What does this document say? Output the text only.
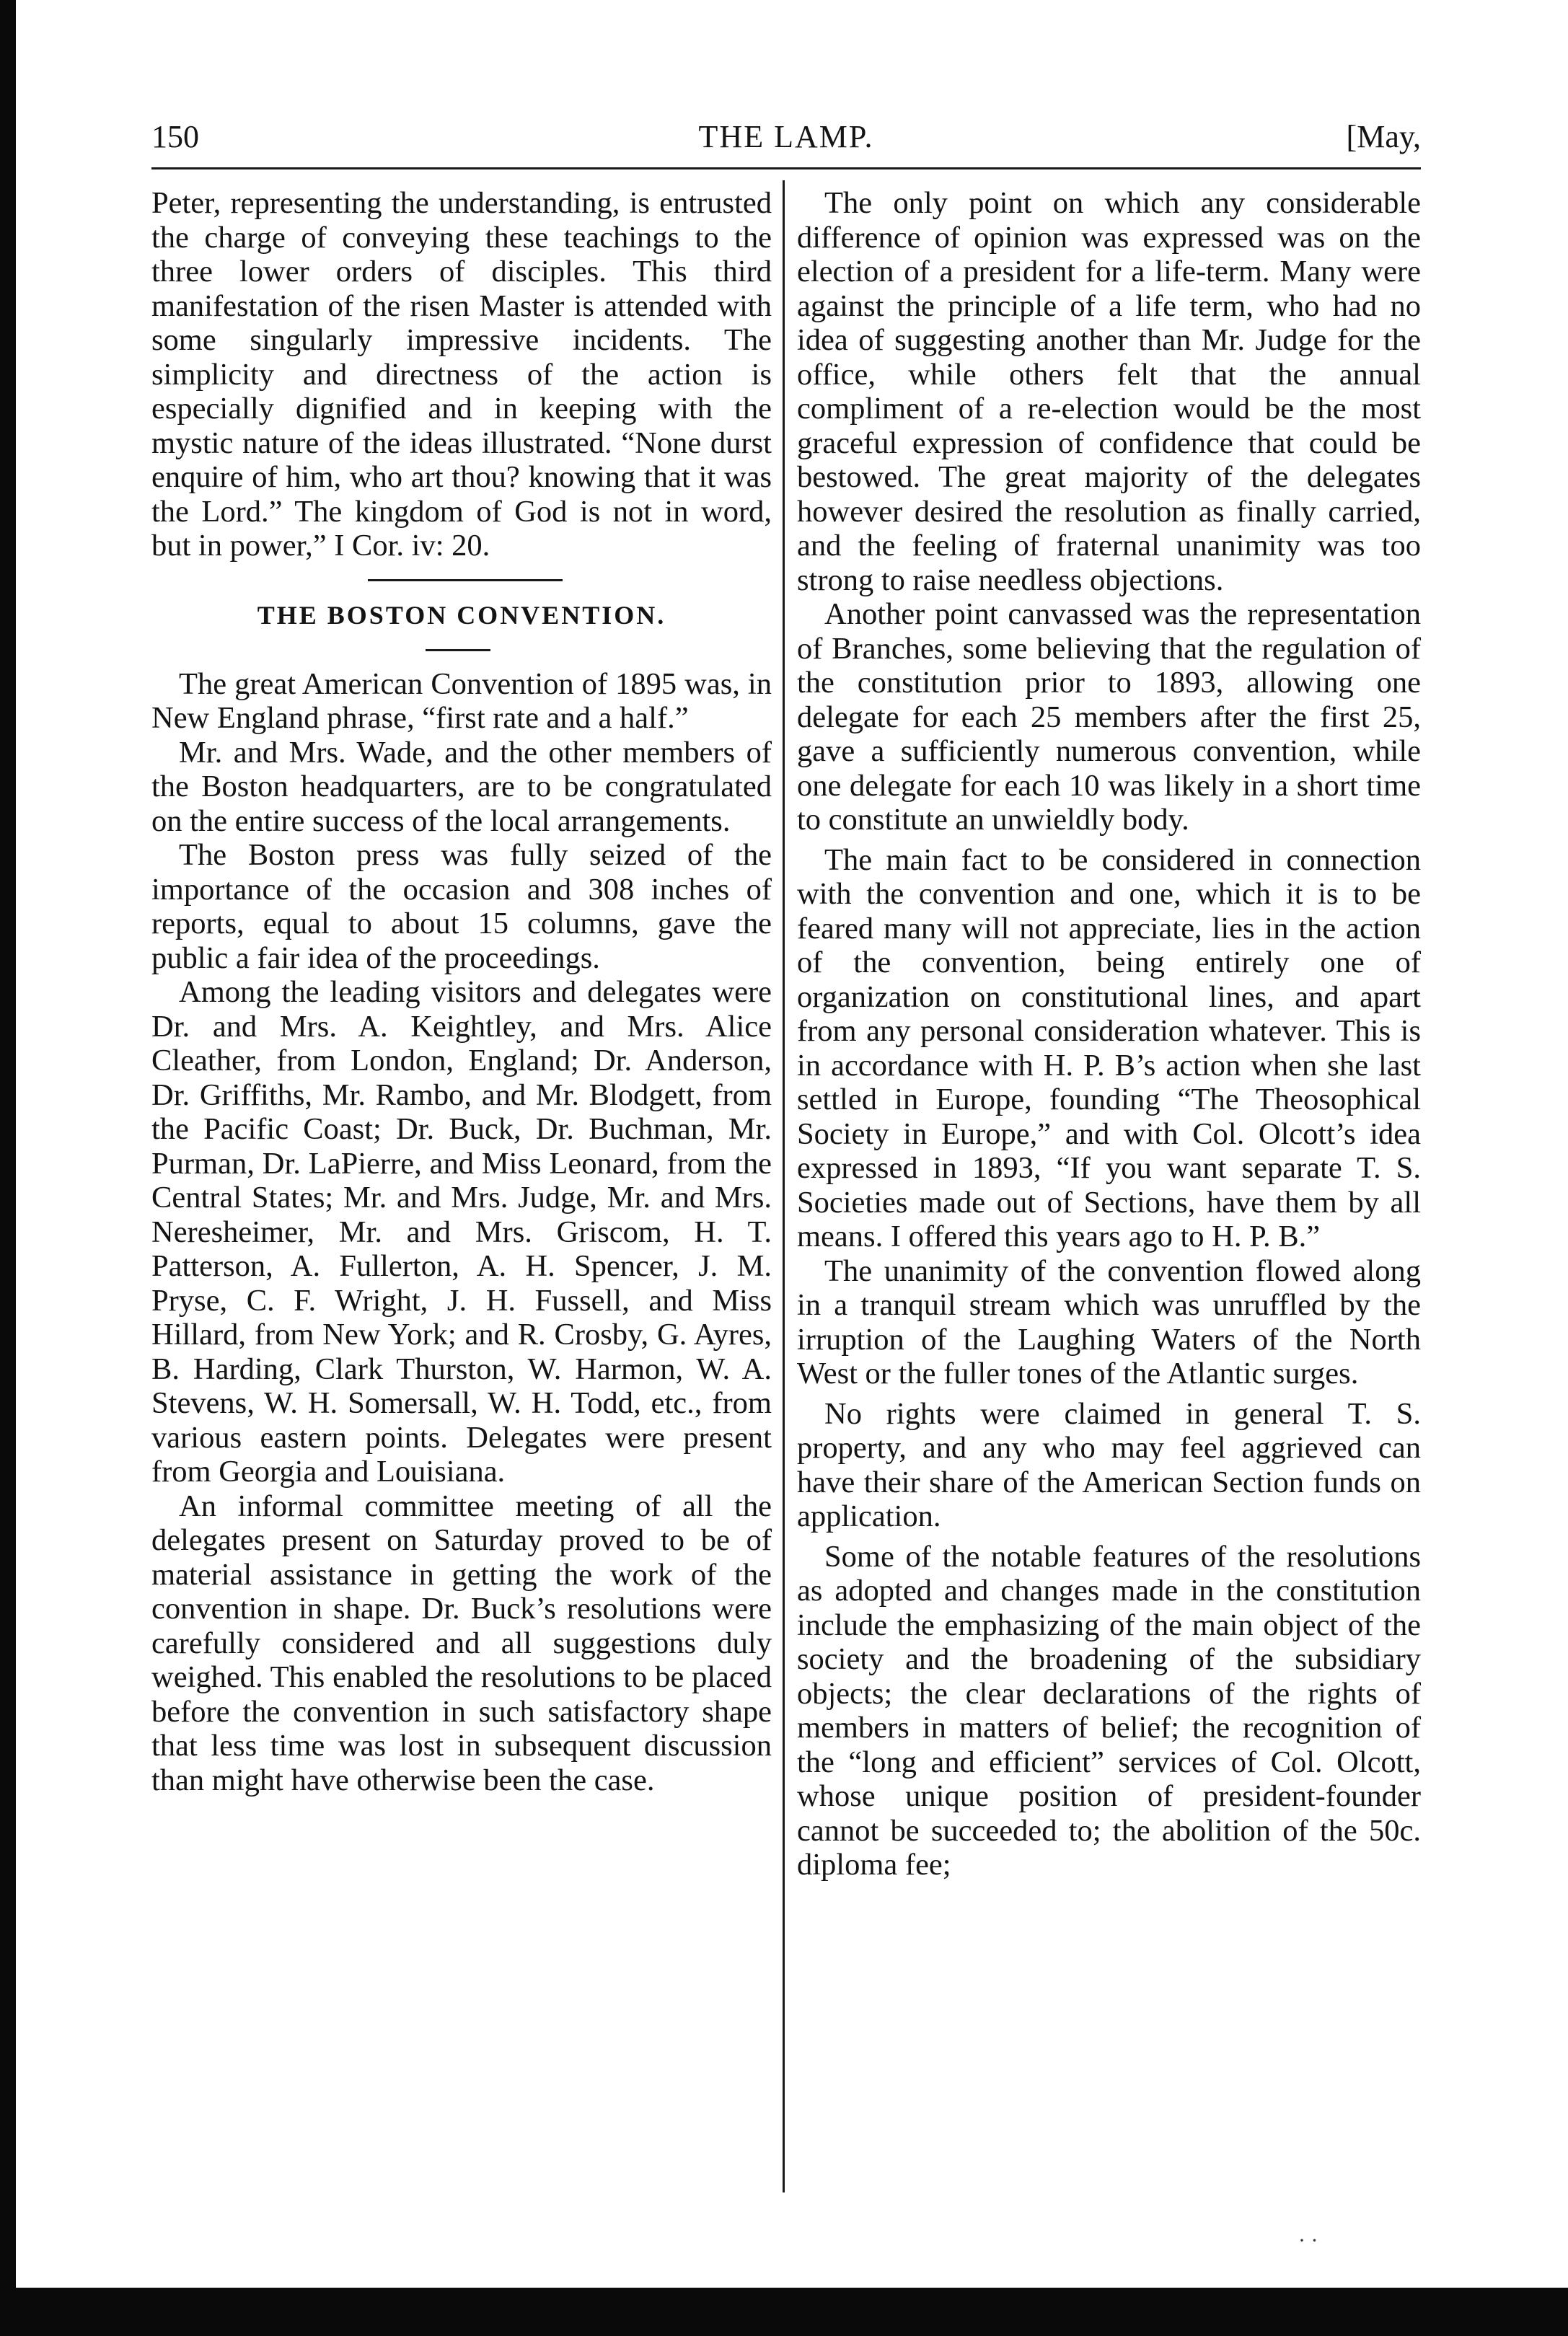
150	THE LAMP.	[May,

Peter, representing the understanding, is entrusted the charge of conveying these teachings to the three lower orders of disciples. This third manifestation of the risen Master is attended with some singularly impressive incidents. The simplicity and directness of the action is especially dignified and in keeping with the mystic nature of the ideas illustrated. “None durst enquire of him, who art thou? knowing that it was the Lord.” The kingdom of God is not in word, but in power,” I Cor. iv: 20.

THE BOSTON CONVENTION.

The great American Convention of 1895 was, in New England phrase, “first rate and a half.”

Mr. and Mrs. Wade, and the other members of the Boston headquarters, are to be congratulated on the entire success of the local arrangements.

The Boston press was fully seized of the importance of the occasion and 308 inches of reports, equal to about 15 columns, gave the public a fair idea of the proceedings.

Among the leading visitors and delegates were Dr. and Mrs. A. Keightley, and Mrs. Alice Cleather, from London, England; Dr. Anderson, Dr. Griffiths, Mr. Rambo, and Mr. Blodgett, from the Pacific Coast; Dr. Buck, Dr. Buchman, Mr. Purman, Dr. LaPierre, and Miss Leonard, from the Central States; Mr. and Mrs. Judge, Mr. and Mrs. Neresheimer, Mr. and Mrs. Griscom, H. T. Patterson, A. Fullerton, A. H. Spencer, J. M. Pryse, C. F. Wright, J. H. Fussell, and Miss Hillard, from New York; and R. Crosby, G. Ayres, B. Harding, Clark Thurston, W. Harmon, W. A. Stevens, W. H. Somersall, W. H. Todd, etc., from various eastern points. Delegates were present from Georgia and Louisiana.

An informal committee meeting of all the delegates present on Saturday proved to be of material assistance in getting the work of the convention in shape. Dr. Buck’s resolutions were carefully considered and all suggestions duly weighed. This enabled the resolutions to be placed before the convention in such satisfactory shape that less time was lost in subsequent discussion than might have otherwise been the case.

The only point on which any considerable difference of opinion was expressed was on the election of a president for a life-term. Many were against the principle of a life term, who had no idea of suggesting another than Mr. Judge for the office, while others felt that the annual compliment of a re-election would be the most graceful expression of confidence that could be bestowed. The great majority of the delegates however desired the resolution as finally carried, and the feeling of fraternal unanimity was too strong to raise needless objections.

Another point canvassed was the representation of Branches, some believing that the regulation of the constitution prior to 1893, allowing one delegate for each 25 members after the first 25, gave a sufficiently numerous convention, while one delegate for each 10 was likely in a short time to constitute an unwieldly body.

The main fact to be considered in connection with the convention and one, which it is to be feared many will not appreciate, lies in the action of the convention, being entirely one of organization on constitutional lines, and apart from any personal consideration whatever. This is in accordance with H. P. B’s action when she last settled in Europe, founding “The Theosophical Society in Europe,” and with Col. Olcott’s idea expressed in 1893, “If you want separate T. S. Societies made out of Sections, have them by all means. I offered this years ago to H. P. B.”

The unanimity of the convention flowed along in a tranquil stream which was unruffled by the irruption of the Laughing Waters of the North West or the fuller tones of the Atlantic surges.

No rights were claimed in general T. S. property, and any who may feel aggrieved can have their share of the American Section funds on application.

Some of the notable features of the resolutions as adopted and changes made in the constitution include the emphasizing of the main object of the society and the broadening of the subsidiary objects; the clear declarations of the rights of members in matters of belief; the recognition of the “long and efficient” services of Col. Olcott, whose unique position of president-founder cannot be succeeded to; the abolition of the 50c. diploma fee;

· ·
